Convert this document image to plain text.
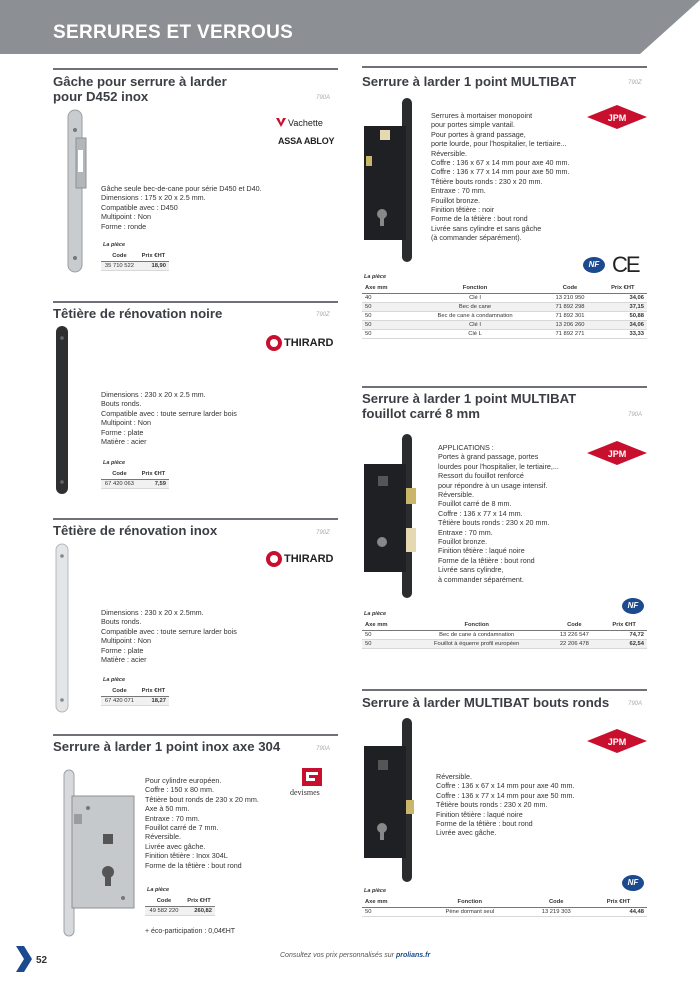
SERRURES ET VERROUS
Gâche pour serrure à larder
pour D452 inox	790A
Vachette
ASSA ABLOY
Gâche seule bec-de-cane pour série D450 et D40.
Dimensions : 175 x 20 x 2.5 mm.
Compatible avec : D450
Multipoint : Non
Forme : ronde
La pièce
Code	Prix €HT
35 710 522	18,90
Têtière de rénovation noire	790Z
THIRARD
Dimensions : 230 x 20 x 2.5 mm.
Bouts ronds.
Compatible avec : toute serrure larder bois
Multipoint : Non
Forme : plate
Matière : acier
La pièce
Code	Prix €HT
67 420 063	7,59
Têtière de rénovation inox	790Z
THIRARD
Dimensions : 230 x 20 x 2.5mm.
Bouts ronds.
Compatible avec : toute serrure larder bois
Multipoint : Non
Forme : plate
Matière : acier
La pièce
Code	Prix €HT
67 420 071	18,27
Serrure à larder 1 point inox axe 304	790A
devismes
Pour cylindre européen.
Coffre : 150 x 80 mm.
Têtière bout ronds de 230 x 20 mm.
Axe à 50 mm.
Entraxe : 70 mm.
Fouillot carré de 7 mm.
Réversible.
Livrée avec gâche.
Finition têtière : Inox 304L
Forme de la têtière : bout rond
La pièce
Code	Prix €HT
49 582 220	260,82
+ éco-participation : 0,04€HT
Serrure à larder 1 point MULTIBAT	790Z
JPM
Serrures à mortaiser monopoint
pour portes simple vantail.
Pour portes à grand passage,
porte lourde, pour l'hospitalier, le tertiaire...
Réversible.
Coffre : 136 x 67 x 14 mm pour axe 40 mm.
Coffre : 136 x 77 x 14 mm pour axe 50 mm.
Têtière bouts ronds : 230 x 20 mm.
Entraxe : 70 mm.
Fouillot bronze.
Finition têtière : noir
Forme de la têtière : bout rond
Livrée sans cylindre et sans gâche
(à commander séparément).
NF CE
La pièce
Axe mm	Fonction	Code	Prix €HT
40	Clé I	13 210 950	34,06
50	Bec de cane	71 892 298	37,15
50	Bec de cane à condamnation	71 892 301	50,88
50	Clé I	13 206 260	34,06
50	Clé L	71 892 271	33,33
Serrure à larder 1 point MULTIBAT
fouillot carré 8 mm	790A
JPM
APPLICATIONS :
Portes à grand passage, portes
lourdes pour l'hospitalier, le tertiaire,...
Ressort du fouillot renforcé
pour répondre à un usage intensif.
Réversible.
Fouillot carré de 8 mm.
Coffre : 136 x 77 x 14 mm.
Têtière bouts ronds : 230 x 20 mm.
Entraxe : 70 mm.
Fouillot bronze.
Finition têtière : laqué noire
Forme de la têtière : bout rond
Livrée sans cylindre,
à commander séparément.
NF
La pièce
Axe mm	Fonction	Code	Prix €HT
50	Bec de cane à condamnation	13 226 547	74,72
50	Fouillot à équerre profil européen	22 206 478	62,54
Serrure à larder MULTIBAT bouts ronds	790A
JPM
Réversible.
Coffre : 136 x 67 x 14 mm pour axe 40 mm.
Coffre : 136 x 77 x 14 mm pour axe 50 mm.
Têtière bouts ronds : 230 x 20 mm.
Finition têtière : laqué noire
Forme de la têtière : bout rond
Livrée avec gâche.
NF
La pièce
Axe mm	Fonction	Code	Prix €HT
50	Pène dormant seul	13 219 303	44,48
52	Consultez vos prix personnalisés sur prolians.fr
